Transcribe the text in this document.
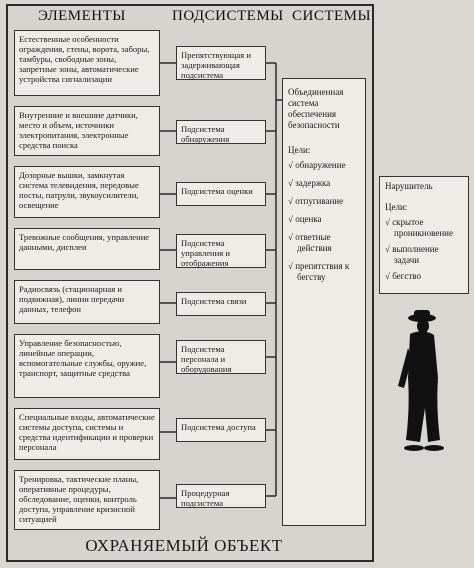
ЭЛЕМЕНТЫ	ПОДСИСТЕМЫ СИСТЕМЫ
Естественные особенности ограждения, стены, ворота, заборы, тамбуры, свободные зоны, запретные зоны, автоматические устройства сигнализации
Внутренние и внешние датчики, место и объем, источники электропитания, электронные средства поиска
Дозорные вышки, замкнутая система телевидения, передовые посты, патрули, звукоусилители, освещение
Тревожные сообщения, управление данными, дисплеи
Радиосвязь (стационарная и подвижная), линии передачи данных, телефон
Управление безопасностью, линейные операции, вспомогательные службы, оружие, транспорт, защитные средства
Специальные входы, автоматические системы доступа, системы и средства идентификации и проверки персонала
Тренировка, тактические планы, оперативные процедуры, обследование, оценки, контроль доступа, управление кризисной ситуацией
Препятствующая и задерживающая подсистема
Подсистема обнаружения
Подсистема оценки
Подсистема управления и отображения
Подсистема связи
Подсистема персонала и оборудования
Подсистема доступа
Процедурная подсистема
Объединенная система обеспечения безопасности
Цели:
√ обнаружение
√ задержка
√ отпугивание
√ оценка
√ ответные действия
√ препятствия к бегству
Нарушитель
Цели:
√ скрытое проникновение
√ выполнение задачи
√ бегство
ОХРАНЯЕМЫЙ ОБЪЕКТ
